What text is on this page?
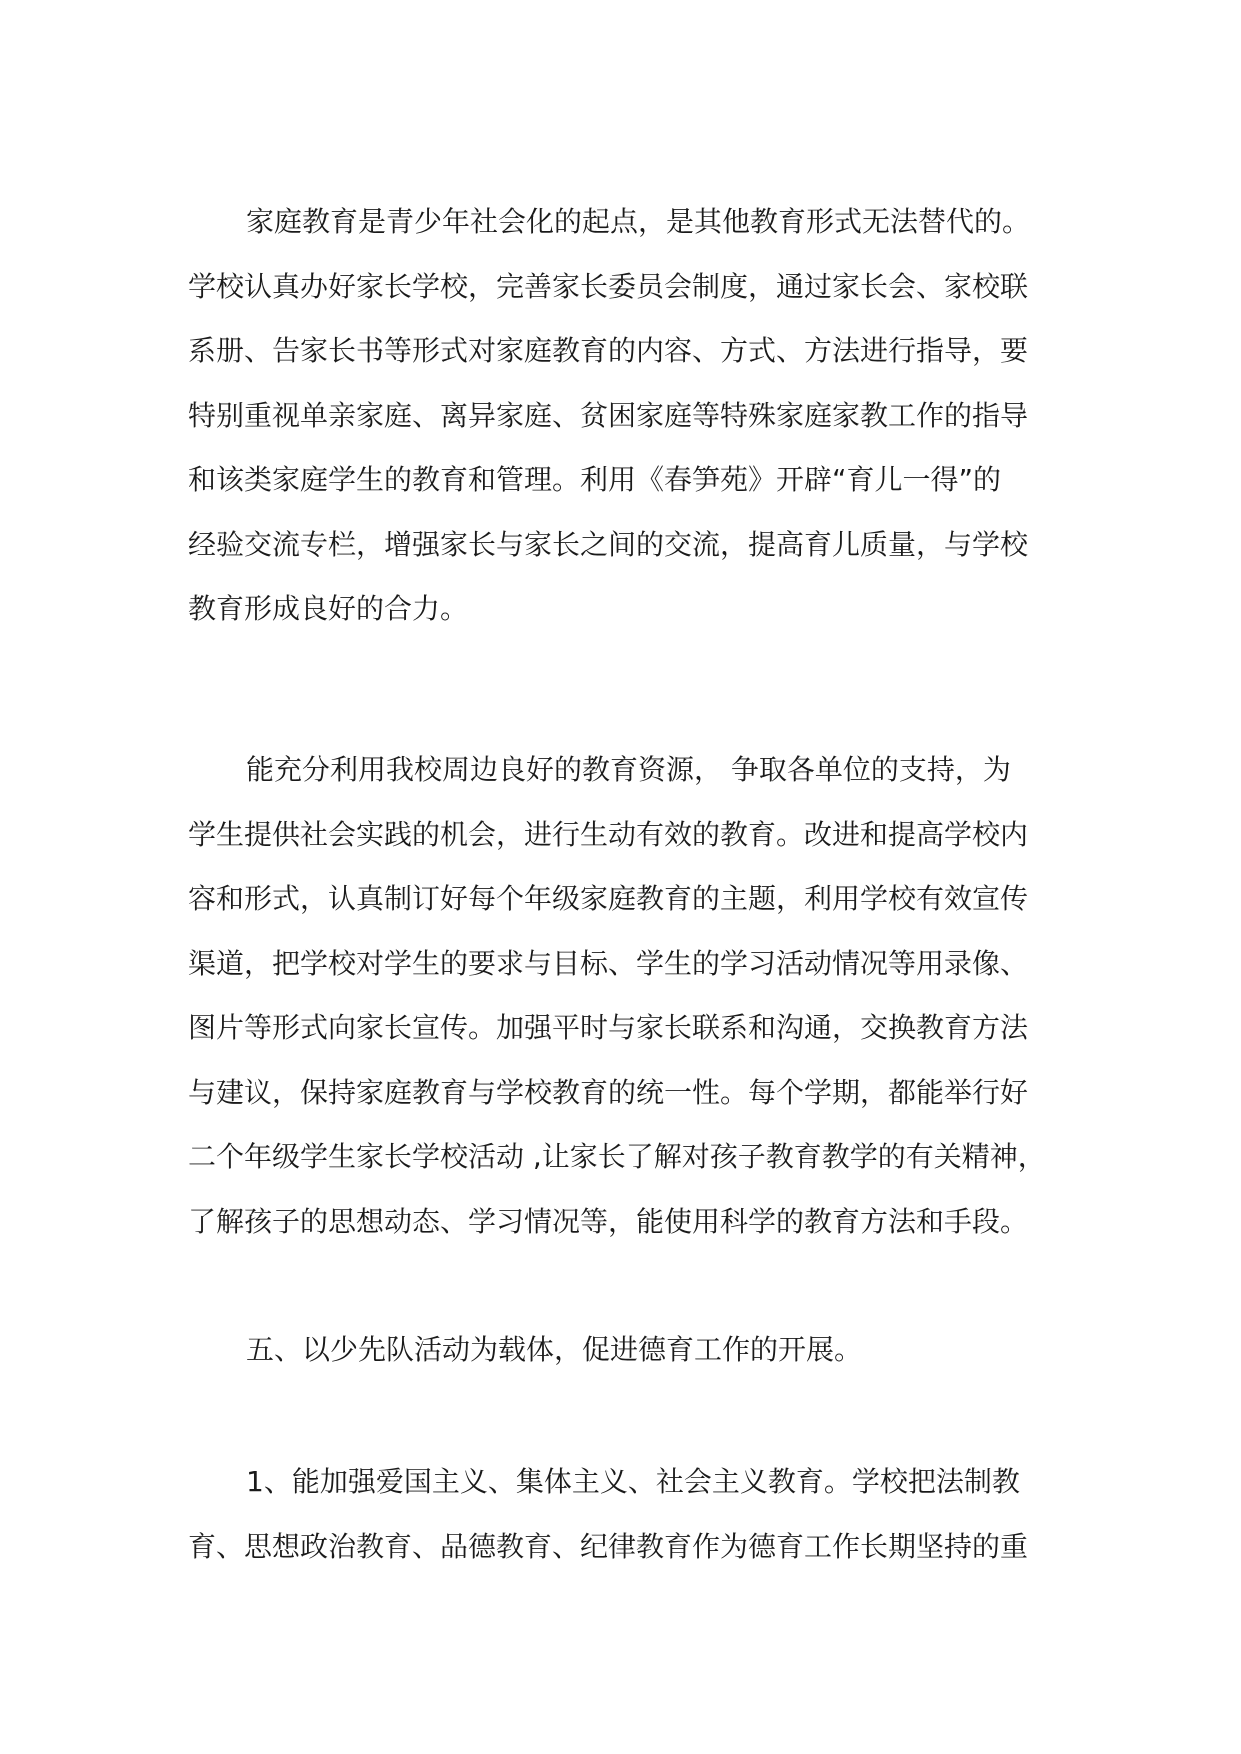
家庭教育是青少年社会化的起点，是其他教育形式无法替代的。
学校认真办好家长学校，完善家长委员会制度，通过家长会、家校联
系册、告家长书等形式对家庭教育的内容、方式、方法进行指导，要
特别重视单亲家庭、离异家庭、贫困家庭等特殊家庭家教工作的指导
和该类家庭学生的教育和管理。利用《春笋苑》开辟“育儿一得”的
经验交流专栏，增强家长与家长之间的交流，提高育儿质量，与学校
教育形成良好的合力。
能充分利用我校周边良好的教育资源， 争取各单位的支持，为
学生提供社会实践的机会，进行生动有效的教育。改进和提高学校内
容和形式，认真制订好每个年级家庭教育的主题，利用学校有效宣传
渠道，把学校对学生的要求与目标、学生的学习活动情况等用录像、
图片等形式向家长宣传。加强平时与家长联系和沟通，交换教育方法
与建议，保持家庭教育与学校教育的统一性。每个学期，都能举行好
二个年级学生家长学校活动 ,让家长了解对孩子教育教学的有关精神，
了解孩子的思想动态、学习情况等，能使用科学的教育方法和手段。
五、以少先队活动为载体，促进德育工作的开展。
1、能加强爱国主义、集体主义、社会主义教育。学校把法制教
育、思想政治教育、品德教育、纪律教育作为德育工作长期坚持的重
